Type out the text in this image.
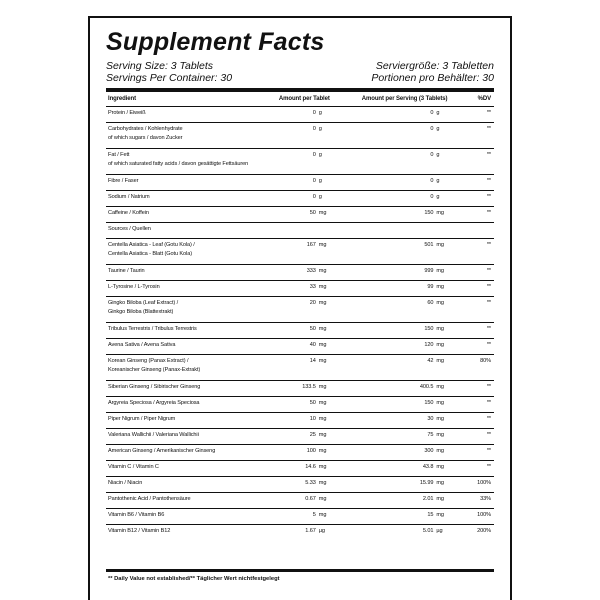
Supplement Facts
Serving Size: 3 Tablets	Serviergröße: 3 Tabletten
Servings Per Container: 30	Portionen pro Behälter: 30
Ingredient	Amount per Tablet	Amount per Serving (3 Tablets)	%DV

Protein / Eiweiß	0 g	0 g	**

Carbohydrates / Kohlenhydrate
of which sugars / davon Zucker	0 g	0 g	**

Fat / Fett
of which saturated fatty acids / davon gesättigte Fettsäuren	0 g	0 g	**

Fibre / Faser	0 g	0 g	**

Sodium / Natrium	0 g	0 g	**

Caffeine / Koffein	50 mg	150 mg	**

Sources / Quellen			

Centella Asiatica - Leaf (Gotu Kola) /
Centella Asiatica - Blatt (Gotu Kola)	167 mg	501 mg	**

Taurine / Taurin	333 mg	999 mg	**

L-Tyrosine / L-Tyrosin	33 mg	99 mg	**

Gingko Biloba (Leaf Extract) /
Ginkgo Biloba (Blattextrakt)	20 mg	60 mg	**

Tribulus Terrestris / Tribulus Terrestris	50 mg	150 mg	**

Avena Sativa / Avena Sativa	40 mg	120 mg	**

Korean Ginseng (Panax Extract) /
Koreanischer Ginseng (Panax-Extrakt)	14 mg	42 mg	80%

Siberian Ginseng / Sibirischer Ginseng	133.5 mg	400.5 mg	**

Argyreia Speciosa / Argyreia Speciosa	50 mg	150 mg	**

Piper Nigrum / Piper Nigrum	10 mg	30 mg	**

Valeriana Wallichii / Valeriana Wallichii	25 mg	75 mg	**

American Ginseng / Amerikanischer Ginseng	100 mg	300 mg	**

Vitamin C / Vitamin C	14.6 mg	43.8 mg	**

Niacin / Niacin	5.33 mg	15.99 mg	100%

Pantothenic Acid / Pantothensäure	0.67 mg	2.01 mg	33%

Vitamin B6 / Vitamin B6	5 mg	15 mg	100%

Vitamin B12 / Vitamin B12	1.67 µg	5.01 µg	200%
** Daily Value not established/** Täglicher Wert nichtfestgelegt
